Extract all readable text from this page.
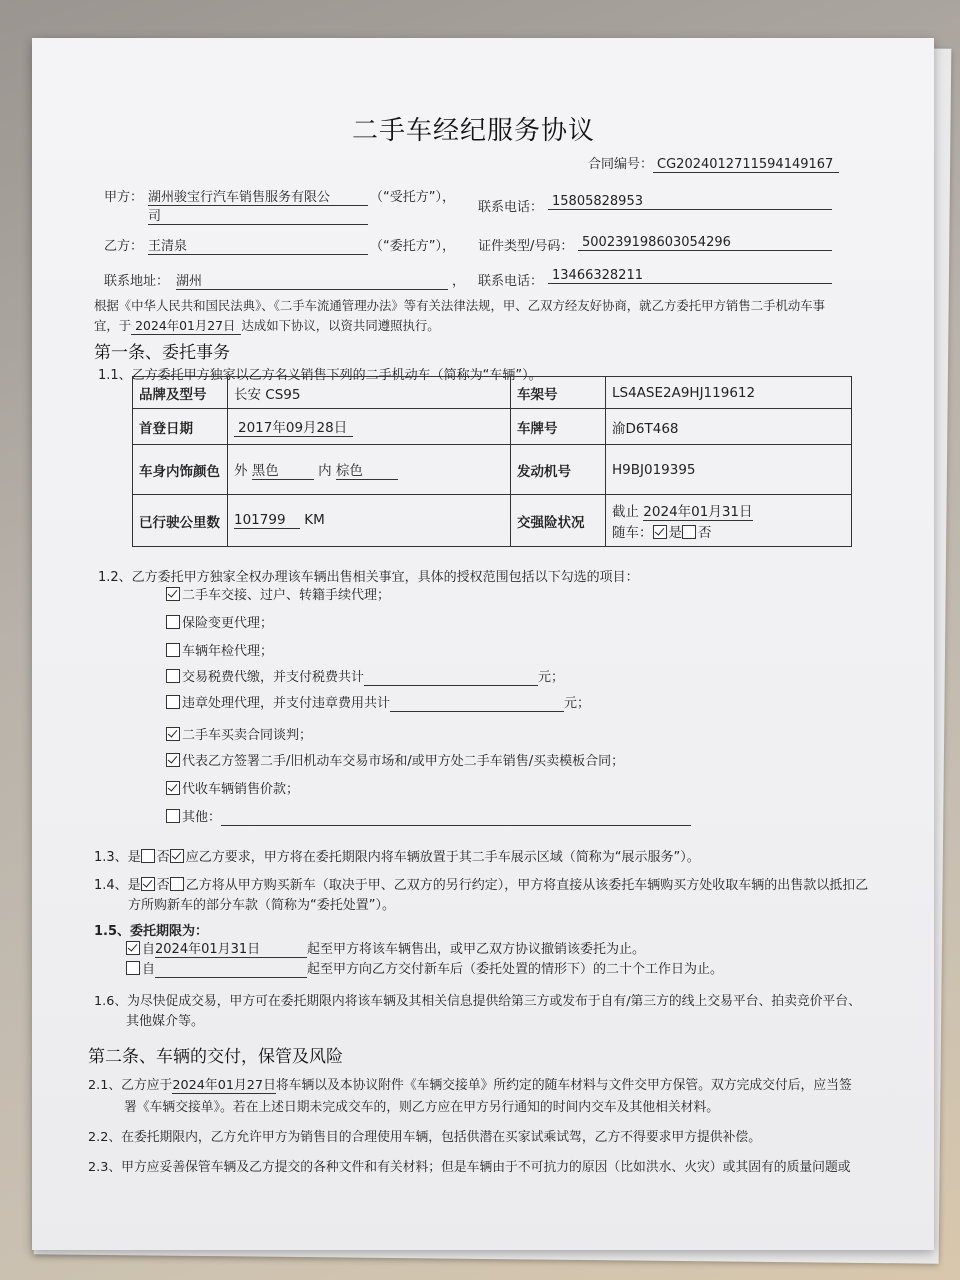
二手车经纪服务协议
合同编号： CG2024012711594149167
甲方： 湖州骏宝行汽车销售服务有限公
司
（“受托方”），
联系电话： 15805828953
乙方： 王清泉	（“委托方”）， 证件类型/号码： 500239198603054296
联系地址： 湖州	， 联系电话： 13466328211
根据《中华人民共和国民法典》、《二手车流通管理办法》等有关法律法规，甲、乙双方经友好协商，就乙方委托甲方销售二手机动车事
宜，于 2024年01月27日 达成如下协议，以资共同遵照执行。
第一条、委托事务
1.1、乙方委托甲方独家以乙方名义销售下列的二手机动车（简称为“车辆”）。
品牌及型号	长安 CS95	车架号	LS4ASE2A9HJ119612
首登日期	2017年09月28日	车牌号	渝D6T468
车身内饰颜色	外 黑色 内 棕色	发动机号	H9BJ019395
已行驶公里数	101799 KM	交强险状况	截止 2024年01月31日
随车： 是 否
1.2、乙方委托甲方独家全权办理该车辆出售相关事宜，具体的授权范围包括以下勾选的项目：
二手车交接、过户、转籍手续代理；
保险变更代理；
车辆年检代理；
交易税费代缴，并支付税费共计	元；
违章处理代理，并支付违章费用共计	元；
二手车买卖合同谈判；
代表乙方签署二手/旧机动车交易市场和/或甲方处二手车销售/买卖模板合同；
代收车辆销售价款；
其他：
1.3、是 否 应乙方要求，甲方将在委托期限内将车辆放置于其二手车展示区域（简称为“展示服务”）。
1.4、是 否 乙方将从甲方购买新车（取决于甲、乙双方的另行约定），甲方将直接从该委托车辆购买方处收取车辆的出售款以抵扣乙
方所购新车的部分车款（简称为“委托处置”）。
1.5、委托期限为：
自2024年01月31日	起至甲方将该车辆售出，或甲乙双方协议撤销该委托为止。
自	起至甲方向乙方交付新车后（委托处置的情形下）的二十个工作日为止。
1.6、为尽快促成交易，甲方可在委托期限内将该车辆及其相关信息提供给第三方或发布于自有/第三方的线上交易平台、拍卖竞价平台、
其他媒介等。
第二条、车辆的交付，保管及风险
2.1、乙方应于2024年01月27日将车辆以及本协议附件《车辆交接单》所约定的随车材料与文件交甲方保管。双方完成交付后，应当签
署《车辆交接单》。若在上述日期未完成交车的，则乙方应在甲方另行通知的时间内交车及其他相关材料。
2.2、在委托期限内，乙方允许甲方为销售目的合理使用车辆，包括供潜在买家试乘试驾，乙方不得要求甲方提供补偿。
2.3、甲方应妥善保管车辆及乙方提交的各种文件和有关材料；但是车辆由于不可抗力的原因（比如洪水、火灾）或其固有的质量问题或
